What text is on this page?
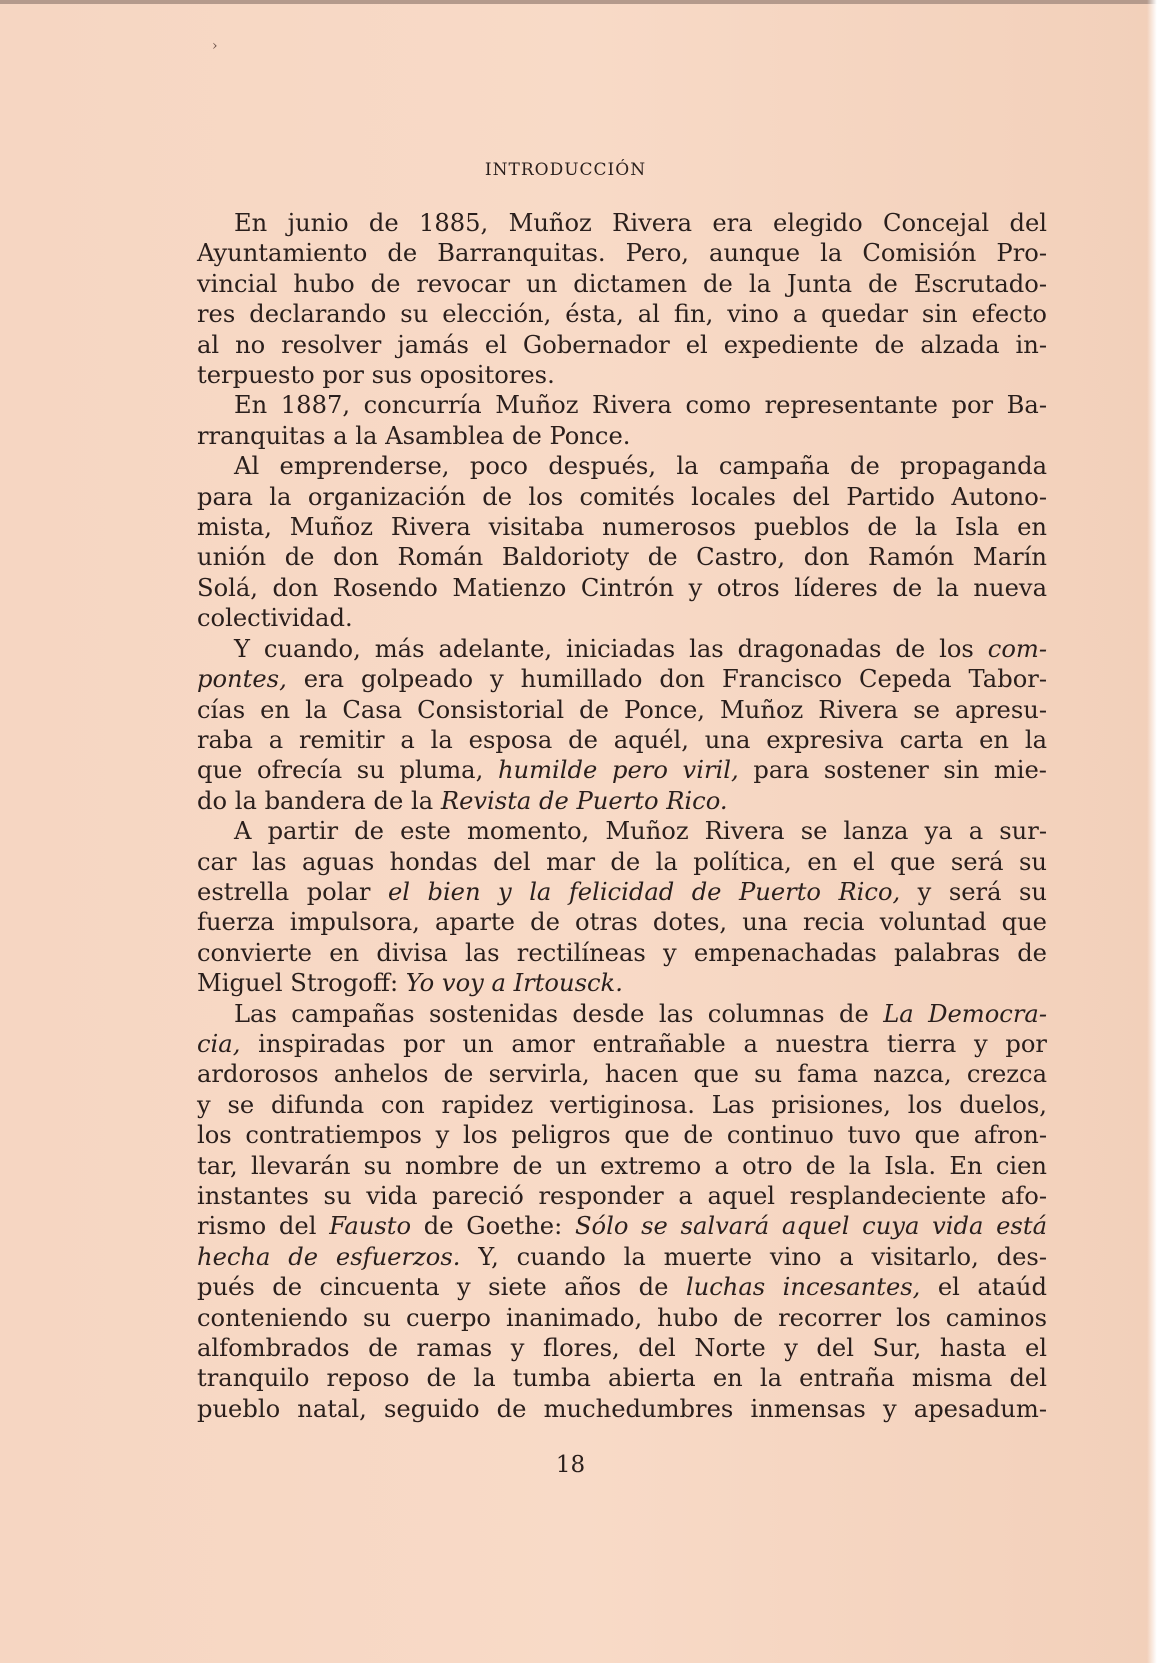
›
INTRODUCCIÓN
En junio de 1885, Muñoz Rivera era elegido Concejal del
Ayuntamiento de Barranquitas. Pero, aunque la Comisión Pro-
vincial hubo de revocar un dictamen de la Junta de Escrutado-
res declarando su elección, ésta, al fin, vino a quedar sin efecto
al no resolver jamás el Gobernador el expediente de alzada in-
terpuesto por sus opositores.
En 1887, concurría Muñoz Rivera como representante por Ba-
rranquitas a la Asamblea de Ponce.
Al emprenderse, poco después, la campaña de propaganda
para la organización de los comités locales del Partido Autono-
mista, Muñoz Rivera visitaba numerosos pueblos de la Isla en
unión de don Román Baldorioty de Castro, don Ramón Marín
Solá, don Rosendo Matienzo Cintrón y otros líderes de la nueva
colectividad.
Y cuando, más adelante, iniciadas las dragonadas de los com-
pontes, era golpeado y humillado don Francisco Cepeda Tabor-
cías en la Casa Consistorial de Ponce, Muñoz Rivera se apresu-
raba a remitir a la esposa de aquél, una expresiva carta en la
que ofrecía su pluma, humilde pero viril, para sostener sin mie-
do la bandera de la Revista de Puerto Rico.
A partir de este momento, Muñoz Rivera se lanza ya a sur-
car las aguas hondas del mar de la política, en el que será su
estrella polar el bien y la felicidad de Puerto Rico, y será su
fuerza impulsora, aparte de otras dotes, una recia voluntad que
convierte en divisa las rectilíneas y empenachadas palabras de
Miguel Strogoff: Yo voy a Irtousck.
Las campañas sostenidas desde las columnas de La Democra-
cia, inspiradas por un amor entrañable a nuestra tierra y por
ardorosos anhelos de servirla, hacen que su fama nazca, crezca
y se difunda con rapidez vertiginosa. Las prisiones, los duelos,
los contratiempos y los peligros que de continuo tuvo que afron-
tar, llevarán su nombre de un extremo a otro de la Isla. En cien
instantes su vida pareció responder a aquel resplandeciente afo-
rismo del Fausto de Goethe: Sólo se salvará aquel cuya vida está
hecha de esfuerzos. Y, cuando la muerte vino a visitarlo, des-
pués de cincuenta y siete años de luchas incesantes, el ataúd
conteniendo su cuerpo inanimado, hubo de recorrer los caminos
alfombrados de ramas y flores, del Norte y del Sur, hasta el
tranquilo reposo de la tumba abierta en la entraña misma del
pueblo natal, seguido de muchedumbres inmensas y apesadum-
18
